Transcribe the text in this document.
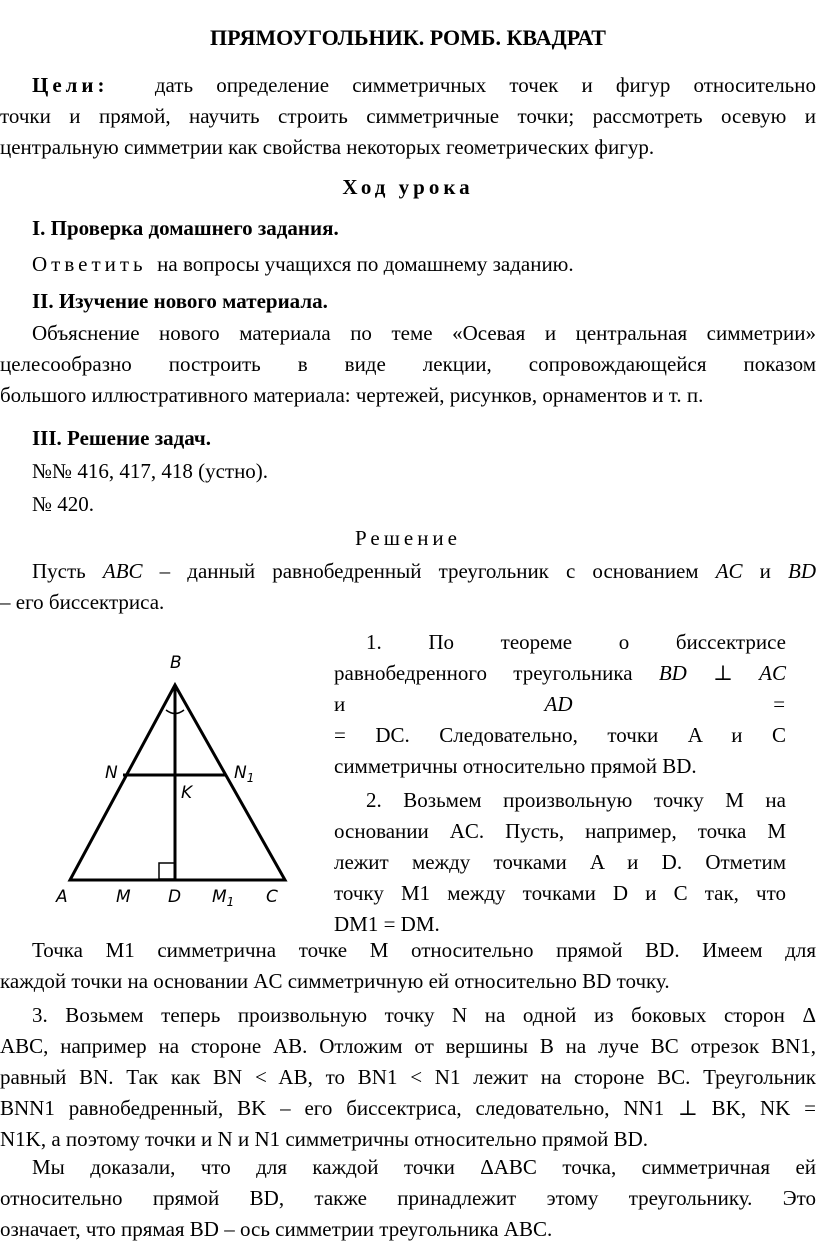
ПРЯМОУГОЛЬНИК. РОМБ. КВАДРАТ
Цели: дать определение симметричных точек и фигур относительно
точки и прямой, научить строить симметричные точки; рассмотреть осевую и
центральную симметрии как свойства некоторых геометрических фигур.
Ход урока
I. Проверка домашнего задания.
Ответить на вопросы учащихся по домашнему заданию.
II. Изучение нового материала.
Объяснение нового материала по теме «Осевая и центральная симметрии»
целесообразно построить в виде лекции, сопровождающейся показом
большого иллюстративного материала: чертежей, рисунков, орнаментов и т. п.
III. Решение задач.
№№ 416, 417, 418 (устно).
№ 420.
Решение
Пусть ABC – данный равнобедренный треугольник с основанием AC и BD
– его биссектриса.
B
N	$N_1$
K
A	M D $M_1$ C
1. По теореме о биссектрисе
равнобедренного треугольника BD ⊥ AC
и	AD =
= DC. Следовательно, точки A и C
симметричны относительно прямой BD.
2. Возьмем произвольную точку M на
основании AC. Пусть, например, точка M
лежит между точками A и D. Отметим
точку M1 между точками D и C так, что
DM1 = DM.
Точка M1 симметрична точке M относительно прямой BD. Имеем для
каждой точки на основании AC симметричную ей относительно BD точку.
3. Возьмем теперь произвольную точку N на одной из боковых сторон Δ
ABC, например на стороне AB. Отложим от вершины B на луче BC отрезок BN1,
равный BN. Так как BN < AB, то BN1 < N1 лежит на стороне BC. Треугольник
BNN1 равнобедренный, BK – его биссектриса, следовательно, NN1 ⊥ BK, NK =
N1K, а поэтому точки и N и N1 симметричны относительно прямой BD.
Мы доказали, что для каждой точки ΔABC точка, симметричная ей
относительно прямой BD, также принадлежит этому треугольнику. Это
означает, что прямая BD – ось симметрии треугольника ABC.
